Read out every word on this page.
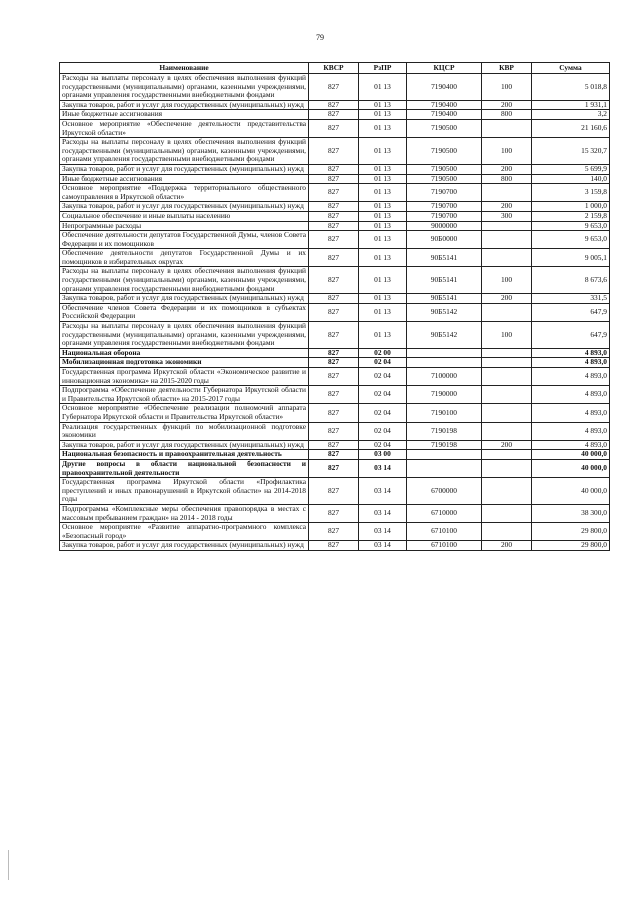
79
Наименование	КВСР	РзПР	КЦСР	КВР	Сумма
Расходы на выплаты персоналу в целях обеспечения выполнения функций государственными (муниципальными) органами, казенными учреждениями, органами управления государственными внебюджетными фондами	827	01 13	7190400	100	5 018,8
Закупка товаров, работ и услуг для государственных (муниципальных) нужд	827	01 13	7190400	200	1 931,1
Иные бюджетные ассигнования	827	01 13	7190400	800	3,2
Основное мероприятие «Обеспечение деятельности представительства Иркутской области»	827	01 13	7190500		21 160,6
Расходы на выплаты персоналу в целях обеспечения выполнения функций государственными (муниципальными) органами, казенными учреждениями, органами управления государственными внебюджетными фондами	827	01 13	7190500	100	15 320,7
Закупка товаров, работ и услуг для государственных (муниципальных) нужд	827	01 13	7190500	200	5 699,9
Иные бюджетные ассигнования	827	01 13	7190500	800	140,0
Основное мероприятие «Поддержка территориального общественного самоуправления в Иркутской области»	827	01 13	7190700		3 159,8
Закупка товаров, работ и услуг для государственных (муниципальных) нужд	827	01 13	7190700	200	1 000,0
Социальное обеспечение и иные выплаты населению	827	01 13	7190700	300	2 159,8
Непрограммные расходы	827	01 13	9000000		9 653,0
Обеспечение деятельности депутатов Государственной Думы, членов Совета Федерации и их помощников	827	01 13	90Б0000		9 653,0
Обеспечение деятельности депутатов Государственной Думы и их помощников в избирательных округах	827	01 13	90Б5141		9 005,1
Расходы на выплаты персоналу в целях обеспечения выполнения функций государственными (муниципальными) органами, казенными учреждениями, органами управления государственными внебюджетными фондами	827	01 13	90Б5141	100	8 673,6
Закупка товаров, работ и услуг для государственных (муниципальных) нужд	827	01 13	90Б5141	200	331,5
Обеспечение членов Совета Федерации и их помощников в субъектах Российской Федерации	827	01 13	90Б5142		647,9
Расходы на выплаты персоналу в целях обеспечения выполнения функций государственными (муниципальными) органами, казенными учреждениями, органами управления государственными внебюджетными фондами	827	01 13	90Б5142	100	647,9
Национальная оборона	827	02 00			4 893,0
Мобилизационная подготовка экономики	827	02 04			4 893,0
Государственная программа Иркутской области «Экономическое развитие и инновационная экономика» на 2015-2020 годы	827	02 04	7100000		4 893,0
Подпрограмма «Обеспечение деятельности Губернатора Иркутской области и Правительства Иркутской области» на 2015-2017 годы	827	02 04	7190000		4 893,0
Основное мероприятие «Обеспечение реализации полномочий аппарата Губернатора Иркутской области и Правительства Иркутской области»	827	02 04	7190100		4 893,0
Реализация государственных функций по мобилизационной подготовке экономики	827	02 04	7190198		4 893,0
Закупка товаров, работ и услуг для государственных (муниципальных) нужд	827	02 04	7190198	200	4 893,0
Национальная безопасность и правоохранительная деятельность	827	03 00			40 000,0
Другие вопросы в области национальной безопасности и правоохранительной деятельности	827	03 14			40 000,0
Государственная программа Иркутской области «Профилактика преступлений и иных правонарушений в Иркутской области» на 2014-2018 годы	827	03 14	6700000		40 000,0
Подпрограмма «Комплексные меры обеспечения правопорядка в местах с массовым пребыванием граждан» на 2014 - 2018 годы	827	03 14	6710000		38 300,0
Основное мероприятие «Развитие аппаратно-программного комплекса «Безопасный город»	827	03 14	6710100		29 800,0
Закупка товаров, работ и услуг для государственных (муниципальных) нужд	827	03 14	6710100	200	29 800,0
